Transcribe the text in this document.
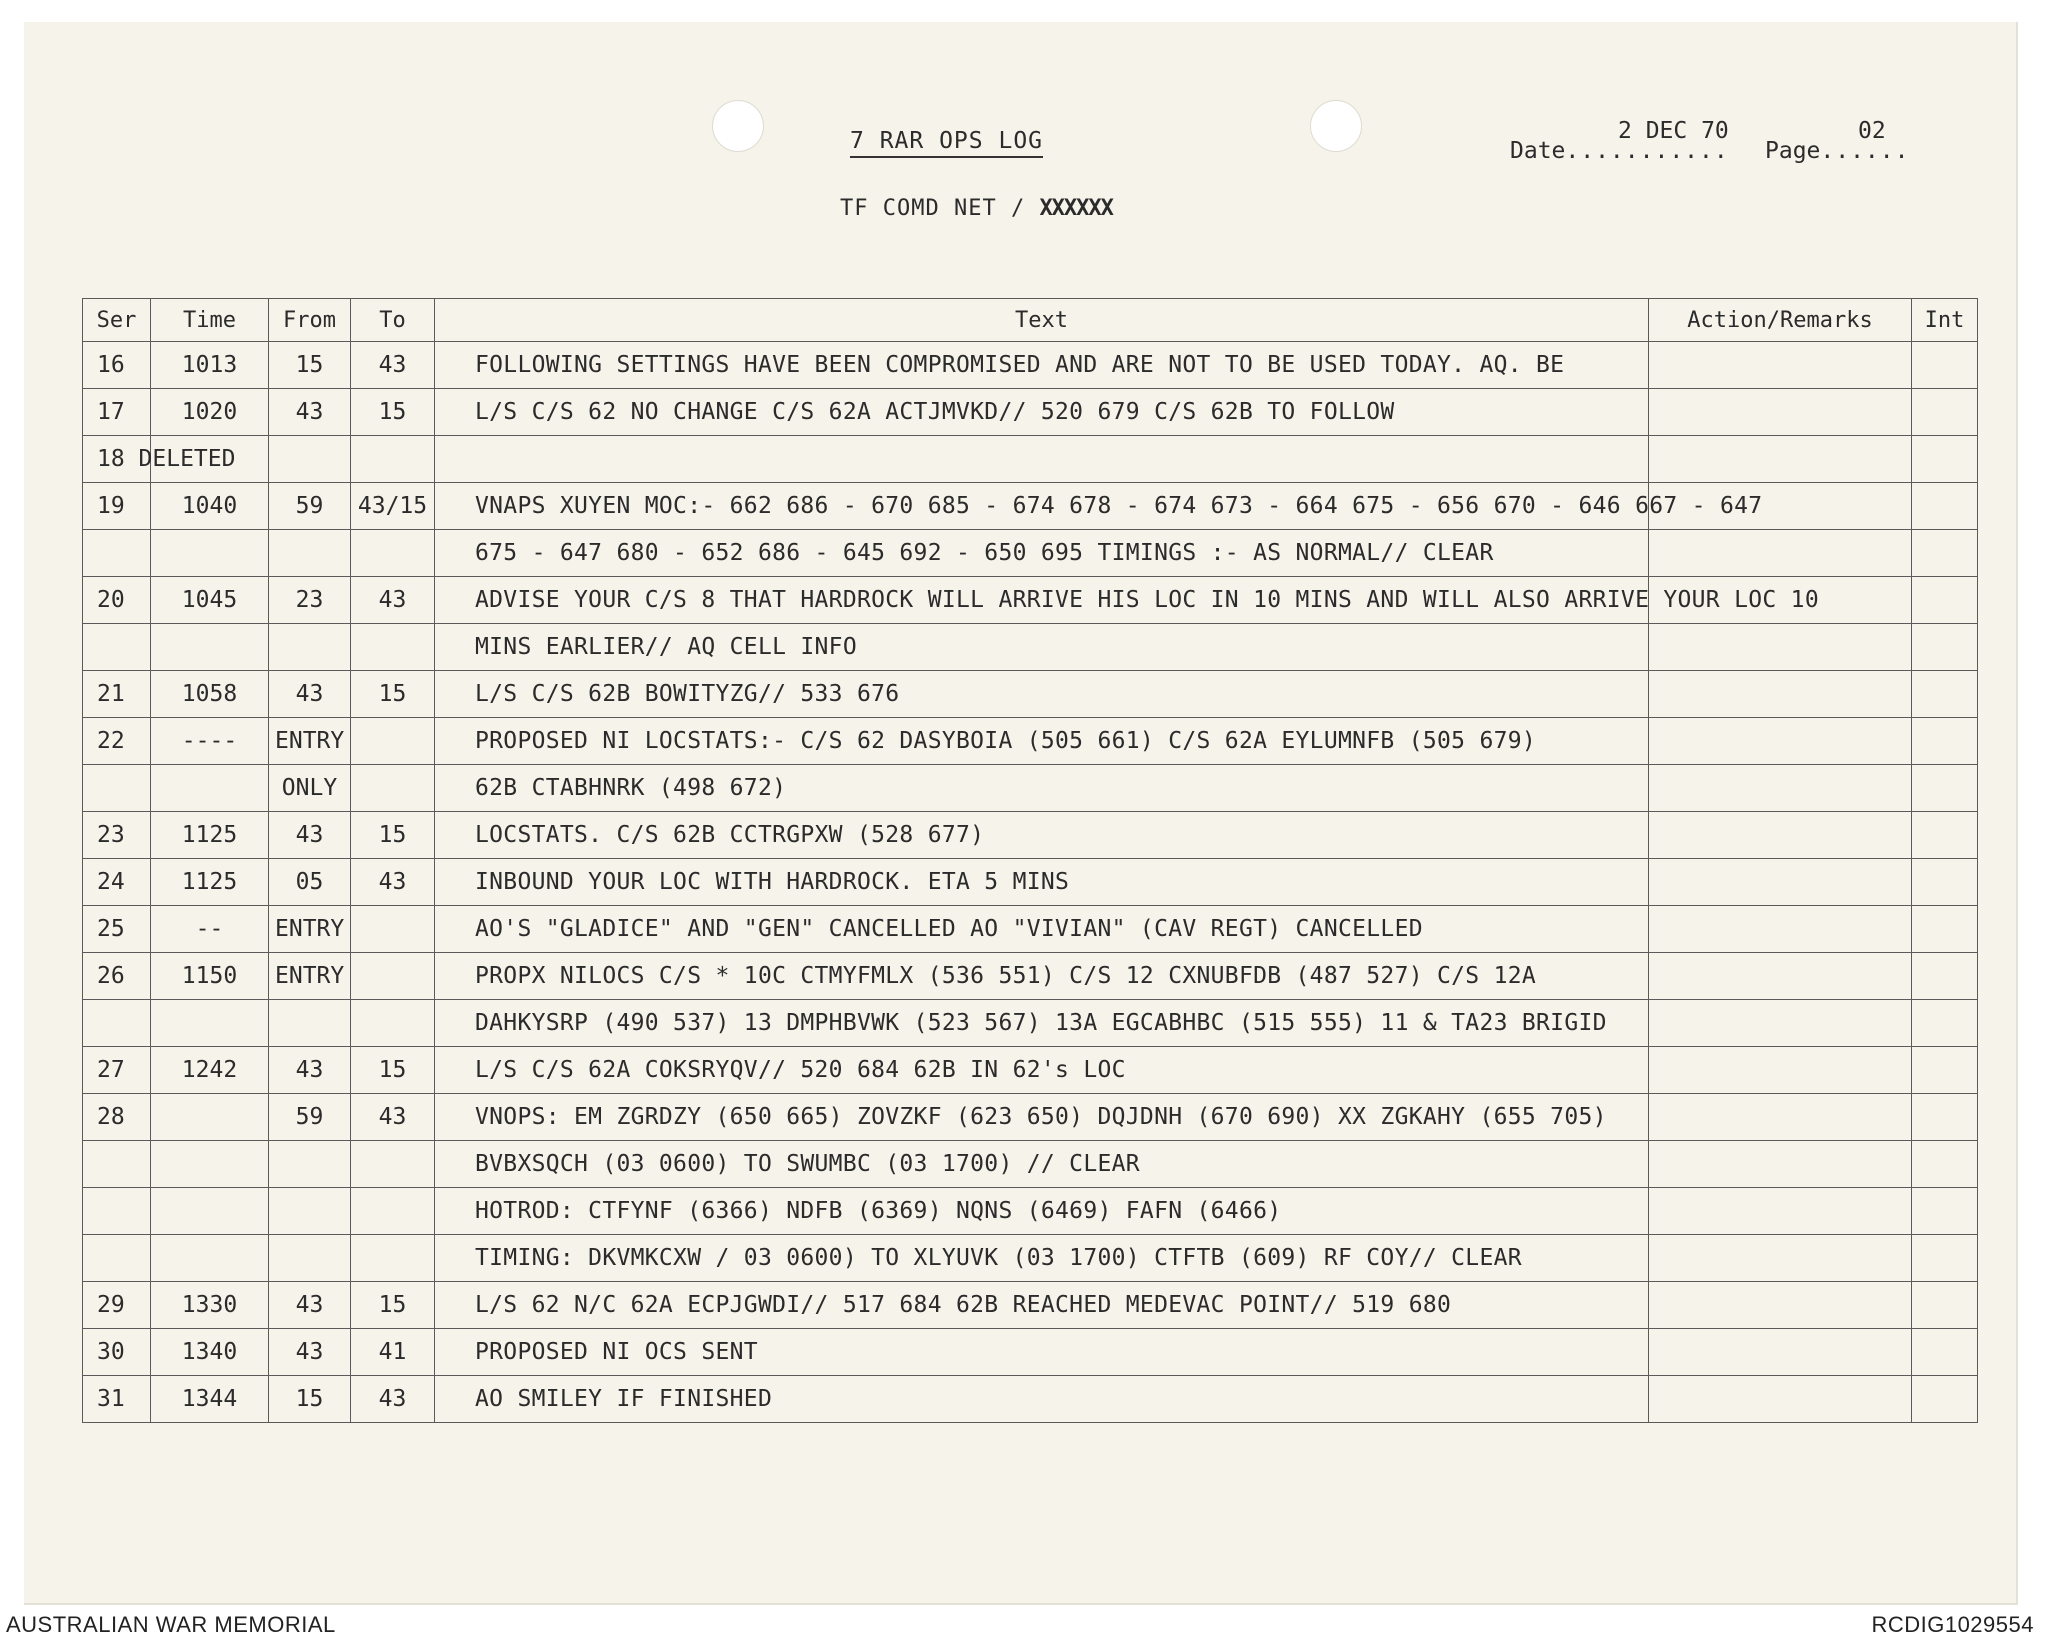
7 RAR OPS LOG
TF COMD NET / XXXXXX
Date...........
2 DEC 70
Page......
02
Ser	Time	From	To	Text	Action/Remarks	Int
16	1013	15	43	FOLLOWING SETTINGS HAVE BEEN COMPROMISED AND ARE NOT TO BE USED TODAY. AQ. BE		
17	1020	43	15	L/S C/S 62 NO CHANGE C/S 62A ACTJMVKD// 520 679 C/S 62B TO FOLLOW		
18 DELETED						
19	1040	59	43/15	VNAPS XUYEN MOC:- 662 686 - 670 685 - 674 678 - 674 673 - 664 675 - 656 670 - 646 667 - 647		
				675 - 647 680 - 652 686 - 645 692 - 650 695 TIMINGS :- AS NORMAL// CLEAR		
20	1045	23	43	ADVISE YOUR C/S 8 THAT HARDROCK WILL ARRIVE HIS LOC IN 10 MINS AND WILL ALSO ARRIVE YOUR LOC 10		
				MINS EARLIER// AQ CELL INFO		
21	1058	43	15	L/S C/S 62B BOWITYZG// 533 676		
22	----	ENTRY		PROPOSED NI LOCSTATS:- C/S 62 DASYBOIA (505 661) C/S 62A EYLUMNFB (505 679)		
		ONLY		62B CTABHNRK (498 672)		
23	1125	43	15	LOCSTATS. C/S 62B CCTRGPXW (528 677)		
24	1125	05	43	INBOUND YOUR LOC WITH HARDROCK. ETA 5 MINS		
25	--	ENTRY		AO'S "GLADICE" AND "GEN" CANCELLED AO "VIVIAN" (CAV REGT) CANCELLED		
26	1150	ENTRY		PROPX NILOCS C/S * 10C CTMYFMLX (536 551) C/S 12 CXNUBFDB (487 527) C/S 12A		
				DAHKYSRP (490 537) 13 DMPHBVWK (523 567) 13A EGCABHBC (515 555) 11 & TA23 BRIGID		
27	1242	43	15	L/S C/S 62A COKSRYQV// 520 684 62B IN 62's LOC		
28		59	43	VNOPS: EM ZGRDZY (650 665) ZOVZKF (623 650) DQJDNH (670 690) XX ZGKAHY (655 705)		
				BVBXSQCH (03 0600) TO SWUMBC (03 1700) // CLEAR		
				HOTROD: CTFYNF (6366) NDFB (6369) NQNS (6469) FAFN (6466)		
				TIMING: DKVMKCXW / 03 0600) TO XLYUVK (03 1700) CTFTB (609) RF COY// CLEAR		
29	1330	43	15	L/S 62 N/C 62A ECPJGWDI// 517 684 62B REACHED MEDEVAC POINT// 519 680		
30	1340	43	41	PROPOSED NI OCS SENT		
31	1344	15	43	AO SMILEY IF FINISHED		
AUSTRALIAN WAR MEMORIAL	RCDIG1029554
